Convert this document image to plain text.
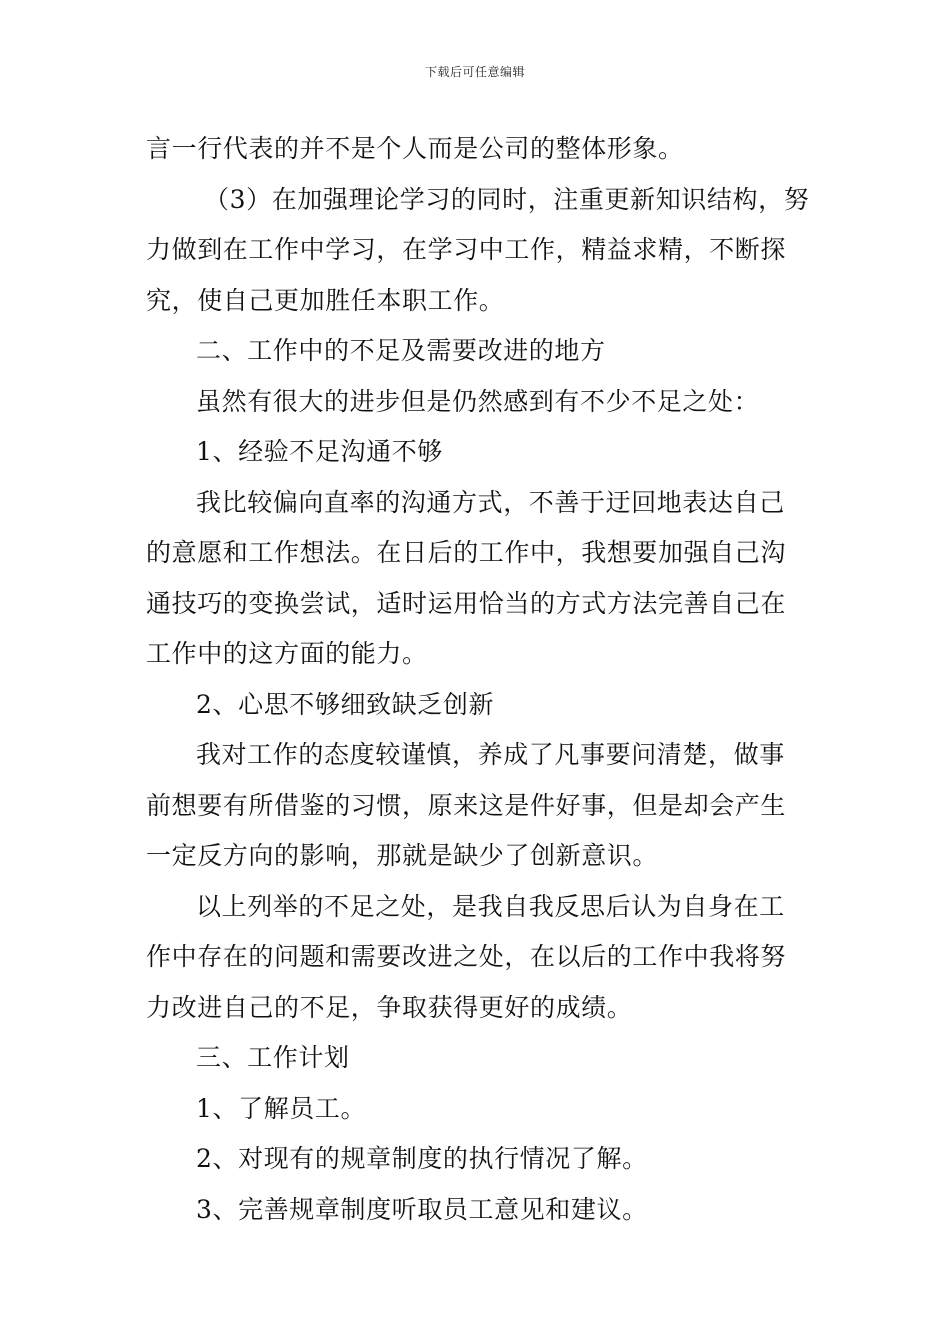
下载后可任意编辑
言一行代表的并不是个人而是公司的整体形象。
（3）在加强理论学习的同时，注重更新知识结构，努
力做到在工作中学习，在学习中工作，精益求精，不断探
究，使自己更加胜任本职工作。
二、工作中的不足及需要改进的地方
虽然有很大的进步但是仍然感到有不少不足之处：
1、经验不足沟通不够
我比较偏向直率的沟通方式，不善于迂回地表达自己
的意愿和工作想法。在日后的工作中，我想要加强自己沟
通技巧的变换尝试，适时运用恰当的方式方法完善自己在
工作中的这方面的能力。
2、心思不够细致缺乏创新
我对工作的态度较谨慎，养成了凡事要问清楚，做事
前想要有所借鉴的习惯，原来这是件好事，但是却会产生
一定反方向的影响，那就是缺少了创新意识。
以上列举的不足之处，是我自我反思后认为自身在工
作中存在的问题和需要改进之处，在以后的工作中我将努
力改进自己的不足，争取获得更好的成绩。
三、工作计划
1、了解员工。
2、对现有的规章制度的执行情况了解。
3、完善规章制度听取员工意见和建议。
